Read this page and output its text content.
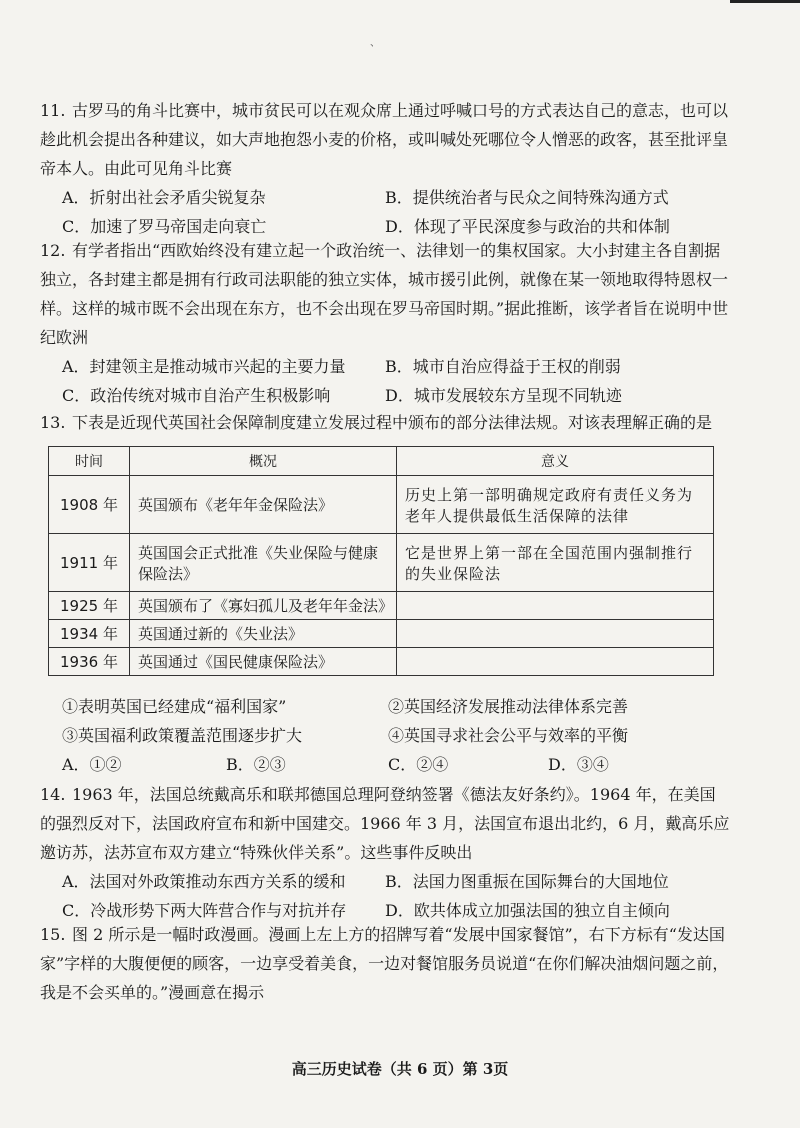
、
11. 古罗马的角斗比赛中，城市贫民可以在观众席上通过呼喊口号的方式表达自己的意志，也可以趁此机会提出各种建议，如大声地抱怨小麦的价格，或叫喊处死哪位令人憎恶的政客，甚至批评皇帝本人。由此可见角斗比赛
A．折射出社会矛盾尖锐复杂	B．提供统治者与民众之间特殊沟通方式
C．加速了罗马帝国走向衰亡	D．体现了平民深度参与政治的共和体制
12. 有学者指出“西欧始终没有建立起一个政治统一、法律划一的集权国家。大小封建主各自割据独立，各封建主都是拥有行政司法职能的独立实体，城市援引此例，就像在某一领地取得特恩权一样。这样的城市既不会出现在东方，也不会出现在罗马帝国时期。”据此推断，该学者旨在说明中世纪欧洲
A．封建领主是推动城市兴起的主要力量 B．城市自治应得益于王权的削弱
C．政治传统对城市自治产生积极影响	D．城市发展较东方呈现不同轨迹
13. 下表是近现代英国社会保障制度建立发展过程中颁布的部分法律法规。对该表理解正确的是
时间	概况	意义
1908 年	英国颁布《老年年金保险法》	历史上第一部明确规定政府有责任义务为老年人提供最低生活保障的法律
1911 年	英国国会正式批准《失业保险与健康保险法》	它是世界上第一部在全国范围内强制推行的失业保险法
1925 年	英国颁布了《寡妇孤儿及老年年金法》	
1934 年	英国通过新的《失业法》	
1936 年	英国通过《国民健康保险法》	
①表明英国已经建成“福利国家”	②英国经济发展推动法律体系完善
③英国福利政策覆盖范围逐步扩大	④英国寻求社会公平与效率的平衡
A．①②	B．②③	C．②④	D．③④
14. 1963 年，法国总统戴高乐和联邦德国总理阿登纳签署《德法友好条约》。1964 年，在美国的强烈反对下，法国政府宣布和新中国建交。1966 年 3 月，法国宣布退出北约，6 月，戴高乐应邀访苏，法苏宣布双方建立“特殊伙伴关系”。这些事件反映出
A．法国对外政策推动东西方关系的缓和 B．法国力图重振在国际舞台的大国地位
C．冷战形势下两大阵营合作与对抗并存 D．欧共体成立加强法国的独立自主倾向
15. 图 2 所示是一幅时政漫画。漫画上左上方的招牌写着“发展中国家餐馆”，右下方标有“发达国家”字样的大腹便便的顾客，一边享受着美食，一边对餐馆服务员说道“在你们解决油烟问题之前，我是不会买单的。”漫画意在揭示
高三历史试卷（共 6 页）第 3页
